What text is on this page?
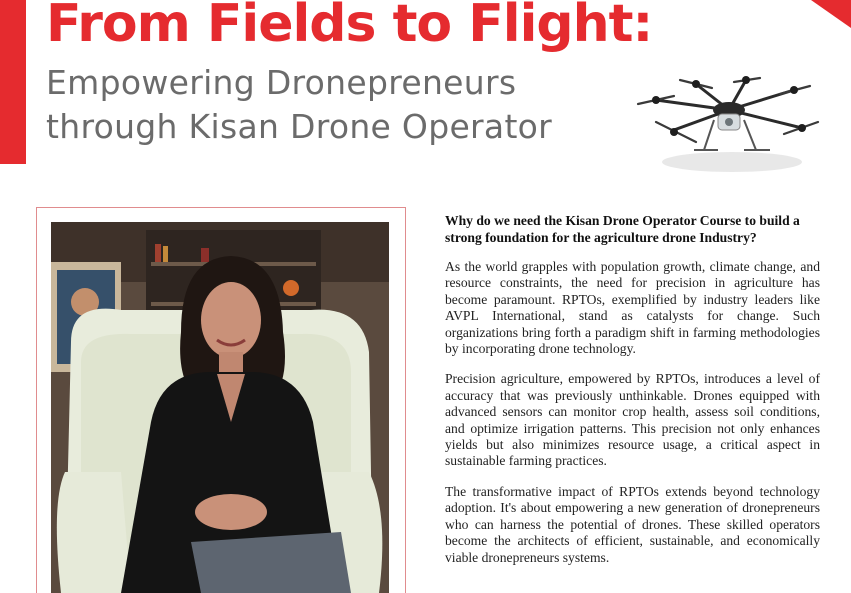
From Fields to Flight:
Empowering Dronepreneurs
through Kisan Drone Operator

Why do we need the Kisan Drone Operator Course to build a strong foundation for the agriculture drone Industry?

As the world grapples with population growth, climate change, and resource constraints, the need for precision in agriculture has become paramount. RPTOs, exemplified by industry leaders like AVPL International, stand as catalysts for change. Such organizations bring forth a paradigm shift in farming methodologies by incorporating drone technology.

Precision agriculture, empowered by RPTOs, introduces a level of accuracy that was previously unthinkable. Drones equipped with advanced sensors can monitor crop health, assess soil conditions, and optimize irrigation patterns. This precision not only enhances yields but also minimizes resource usage, a critical aspect in sustainable farming practices.

The transformative impact of RPTOs extends beyond technology adoption. It's about empowering a new generation of dronepreneurs who can harness the potential of drones. These skilled operators become the architects of efficient, sustainable, and economically viable dronepreneurs systems.
